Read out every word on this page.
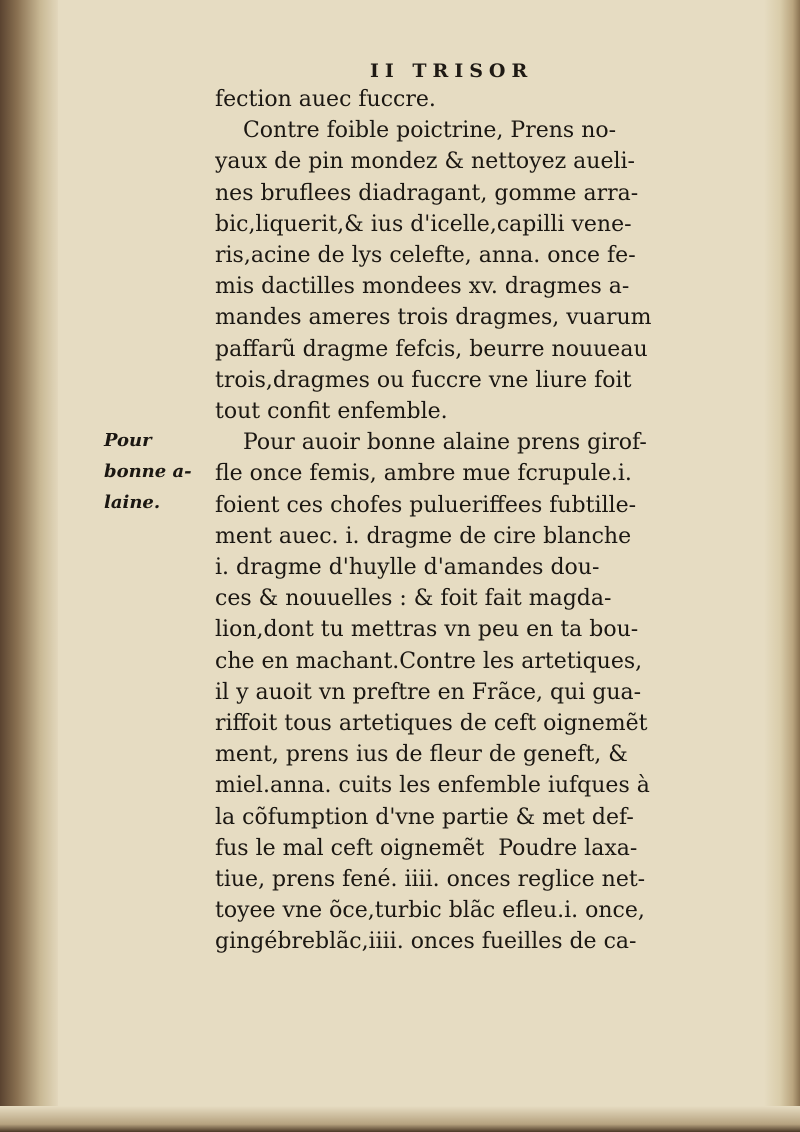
II TRISOR
Pour
bonne a-
laine.
fection auec fuccre.
Contre foible poictrine, Prens no-
yaux de pin mondez & nettoyez aueli-
nes bruflees diadragant, gomme arra-
bic,liquerit,& ius d'icelle,capilli vene-
ris,acine de lys celefte, anna. once fe-
mis dactilles mondees xv. dragmes a-
mandes ameres trois dragmes, vuarum
paffarũ dragme fefcis, beurre nouueau
trois,dragmes ou fuccre vne liure foit
tout confit enfemble.
Pour auoir bonne alaine prens girof-
fle once femis, ambre mue fcrupule.i.
foient ces chofes pulueriffees fubtille-
ment auec. i. dragme de cire blanche
i. dragme d'huylle d'amandes dou-
ces & nouuelles : & foit fait magda-
lion,dont tu mettras vn peu en ta bou-
che en machant.Contre les artetiques,
il y auoit vn preftre en Frãce, qui gua-
riffoit tous artetiques de ceft oignemẽt
ment, prens ius de fleur de geneft, &
miel.anna. cuits les enfemble iufques à
la cõfumption d'vne partie & met def-
fus le mal ceft oignemẽt  Poudre laxa-
tiue, prens fené. iiii. onces reglice net-
toyee vne õce,turbic blãc efleu.i. once,
gingébreblãc,iiii. onces fueilles de ca-
